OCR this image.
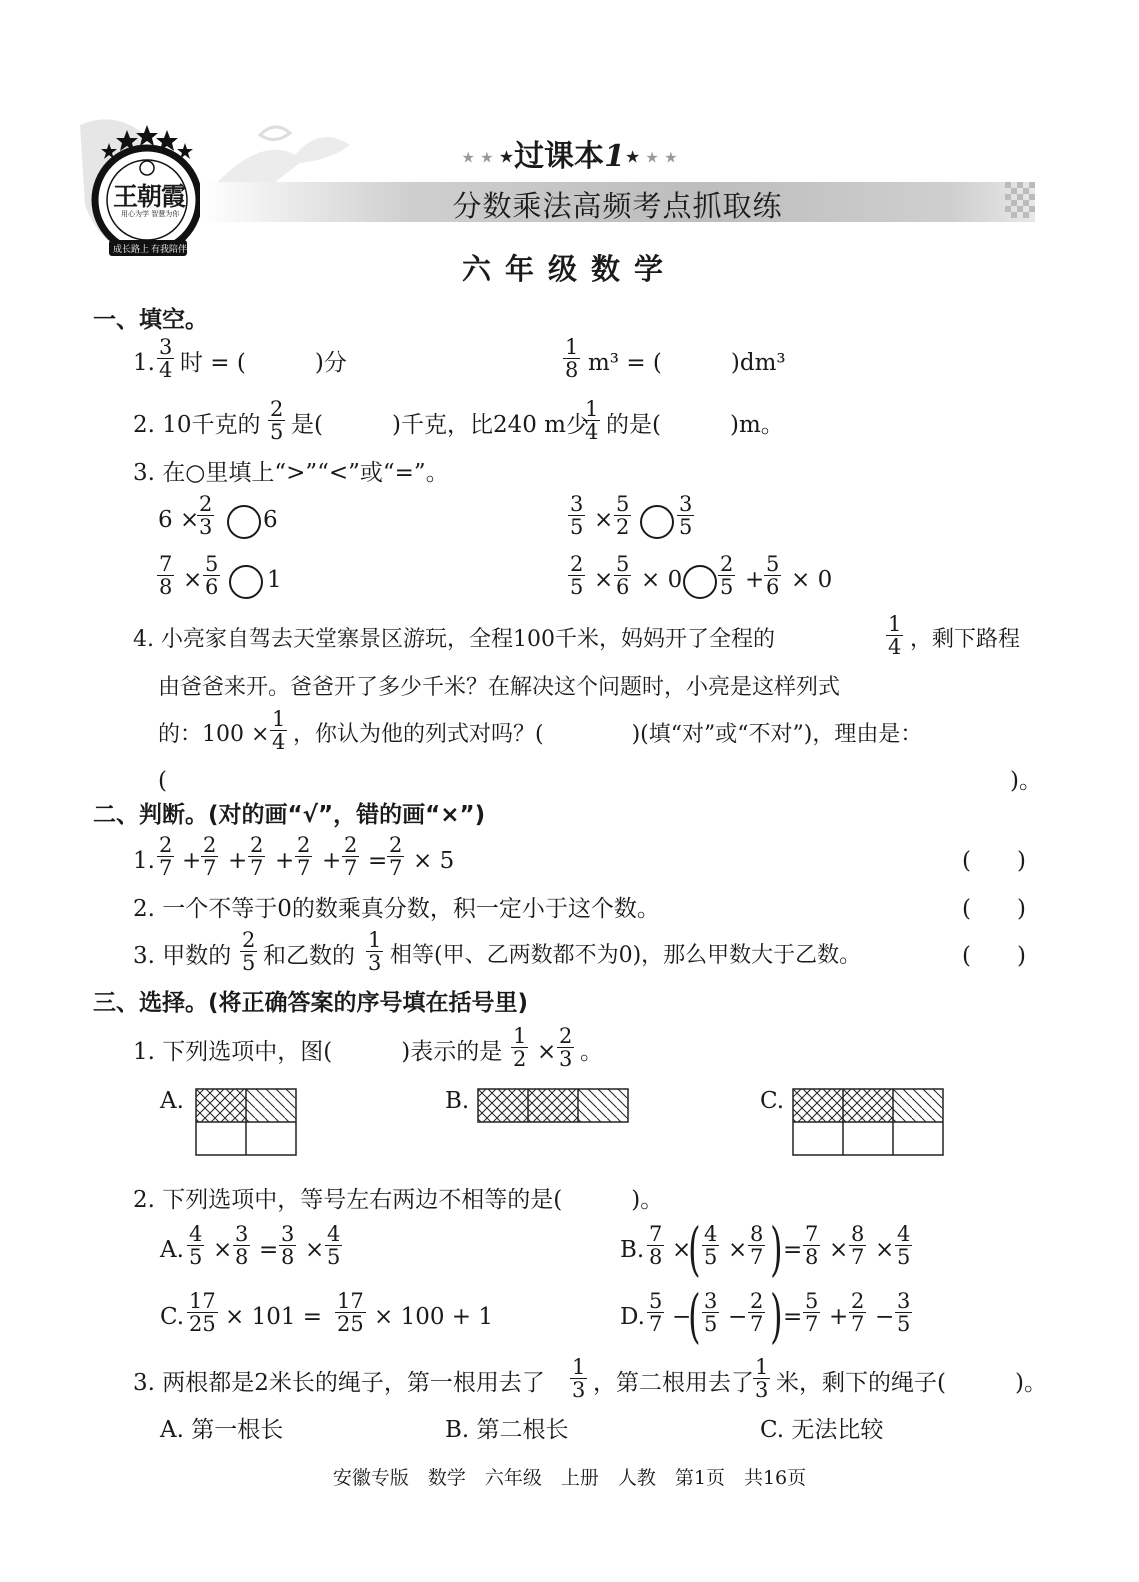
王朝霞
用心为学 智慧为你
成长路上 有我陪伴
★ ★ ★过课本1★ ★ ★
分数乘法高频考点抓取练
六年级数学
一、填空。
1.
3
4 时 = (　　　)分
1
8 m³ = (　　　)dm³
2. 10千克的
2
5 是(　　　)千克，比240 m少
1
4 的是(　　　)m。
3. 在○里填上“>”“<”或“=”。
6 ×
2
3 6
3
5 ×
5
2
3
5
7
8 ×
5
6 1
2
5 ×
5
6 × 0
2
5 +
5
6 × 0
4. 小亮家自驾去天堂寨景区游玩，全程100千米，妈妈开了全程的
1
4 ，剩下路程
由爸爸来开。爸爸开了多少千米？在解决这个问题时，小亮是这样列式
的：100 ×
1
4 ，你认为他的列式对吗？(　　　　)(填“对”或“不对”)，理由是：
(	)。
二、判断。(对的画“√”，错的画“×”)
1.
2
7 +
2
7 +
2
7 +
2
7 +
2
7 =
2
7 × 5	(　　)
2. 一个不等于0的数乘真分数，积一定小于这个数。	(　　)
3. 甲数的
2
5 和乙数的
1
3 相等(甲、乙两数都不为0)，那么甲数大于乙数。	(　　)
三、选择。(将正确答案的序号填在括号里)
1. 下列选项中，图(　　　)表示的是
1
2 ×
2
3 。
A.	B.	C.
2. 下列选项中，等号左右两边不相等的是(　　　)。
A.
4
5 ×
3
8 =
3
8 ×
4
5	B.
7
8 ×
( 4
5 ×
8
7 ) =
7
8 ×
8
7 ×
4
5
C.
17
25 × 101 =
17
25 × 100 + 1	D.
5
7 −
( 3
5 −
2
7 ) =
5
7 +
2
7 −
3
5
3. 两根都是2米长的绳子，第一根用去了
1
3 ，第二根用去了
1
3 米，剩下的绳子(　　　)。
A. 第一根长	B. 第二根长	C. 无法比较
安徽专版　数学　六年级　上册　人教　第1页　共16页
